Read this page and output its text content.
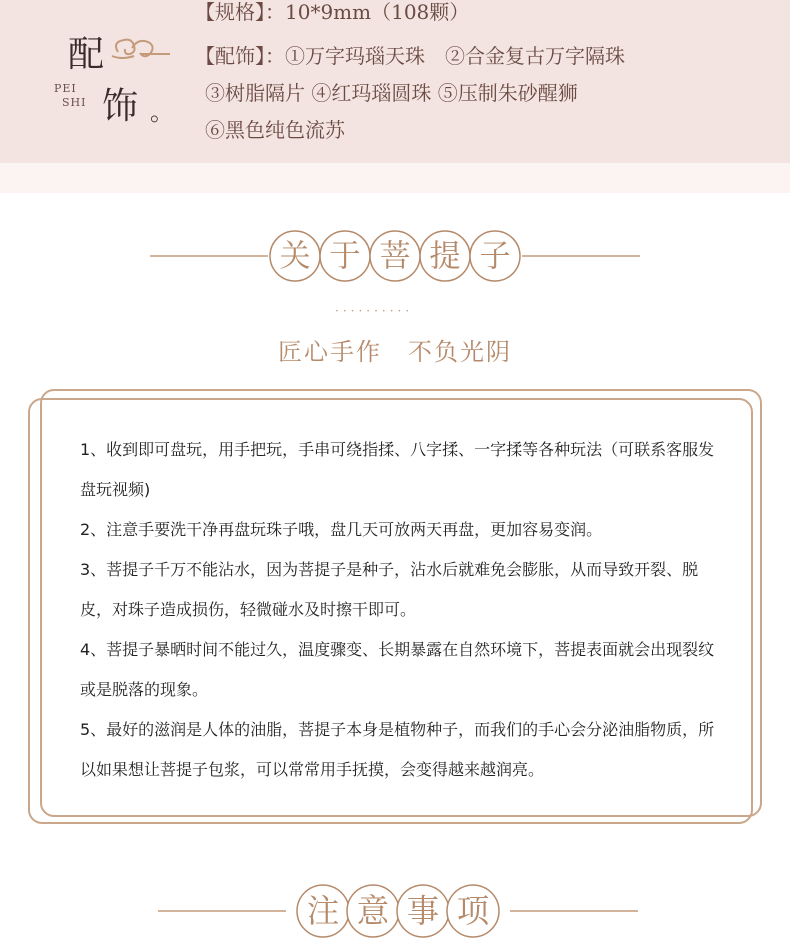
配
PEI
SHI 饰 。
【规格】：10*9mm（108颗）
【配饰】：①万字玛瑙天珠　②合金复古万字隔珠
③树脂隔片 ④红玛瑙圆珠 ⑤压制朱砂醒狮
⑥黑色纯色流苏
关 于 菩 提 子
··········
匠心手作　不负光阴

1、收到即可盘玩，用手把玩，手串可绕指揉、八字揉、一字揉等各种玩法（可联系客服发盘玩视频)

2、注意手要洗干净再盘玩珠子哦，盘几天可放两天再盘，更加容易变润。

3、菩提子千万不能沾水，因为菩提子是种子，沾水后就难免会膨胀，从而导致开裂、脱皮，对珠子造成损伤，轻微碰水及时擦干即可。

4、菩提子暴晒时间不能过久，温度骤变、长期暴露在自然环境下，菩提表面就会出现裂纹或是脱落的现象。

5、最好的滋润是人体的油脂，菩提子本身是植物种子，而我们的手心会分泌油脂物质，所以如果想让菩提子包浆，可以常常用手抚摸，会变得越来越润亮。

注 意 事 项
